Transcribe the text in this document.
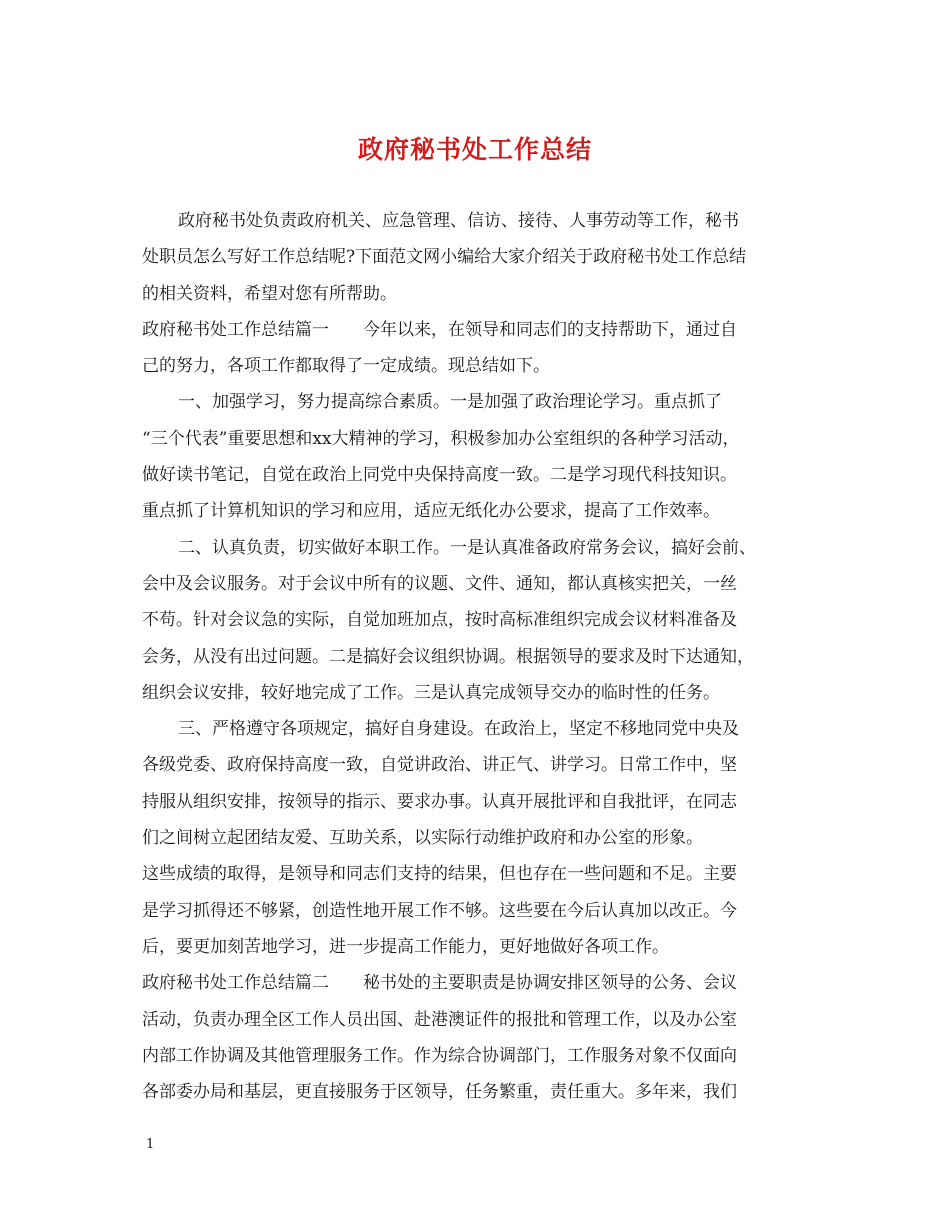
政府秘书处工作总结
政府秘书处负责政府机关、应急管理、信访、接待、人事劳动等工作，秘书
处职员怎么写好工作总结呢?下面范文网小编给大家介绍关于政府秘书处工作总结
的相关资料，希望对您有所帮助。
政府秘书处工作总结篇一　　今年以来，在领导和同志们的支持帮助下，通过自
己的努力，各项工作都取得了一定成绩。现总结如下。
一、加强学习，努力提高综合素质。一是加强了政治理论学习。重点抓了
“三个代表”重要思想和xx大精神的学习，积极参加办公室组织的各种学习活动，
做好读书笔记，自觉在政治上同党中央保持高度一致。二是学习现代科技知识。
重点抓了计算机知识的学习和应用，适应无纸化办公要求，提高了工作效率。
二、认真负责，切实做好本职工作。一是认真准备政府常务会议，搞好会前、
会中及会议服务。对于会议中所有的议题、文件、通知，都认真核实把关，一丝
不苟。针对会议急的实际，自觉加班加点，按时高标准组织完成会议材料准备及
会务，从没有出过问题。二是搞好会议组织协调。根据领导的要求及时下达通知，
组织会议安排，较好地完成了工作。三是认真完成领导交办的临时性的任务。
三、严格遵守各项规定，搞好自身建设。在政治上，坚定不移地同党中央及
各级党委、政府保持高度一致，自觉讲政治、讲正气、讲学习。日常工作中，坚
持服从组织安排，按领导的指示、要求办事。认真开展批评和自我批评，在同志
们之间树立起团结友爱、互助关系，以实际行动维护政府和办公室的形象。
这些成绩的取得，是领导和同志们支持的结果，但也存在一些问题和不足。主要
是学习抓得还不够紧，创造性地开展工作不够。这些要在今后认真加以改正。今
后，要更加刻苦地学习，进一步提高工作能力，更好地做好各项工作。
政府秘书处工作总结篇二　　秘书处的主要职责是协调安排区领导的公务、会议
活动，负责办理全区工作人员出国、赴港澳证件的报批和管理工作，以及办公室
内部工作协调及其他管理服务工作。作为综合协调部门，工作服务对象不仅面向
各部委办局和基层，更直接服务于区领导，任务繁重，责任重大。多年来，我们
1
